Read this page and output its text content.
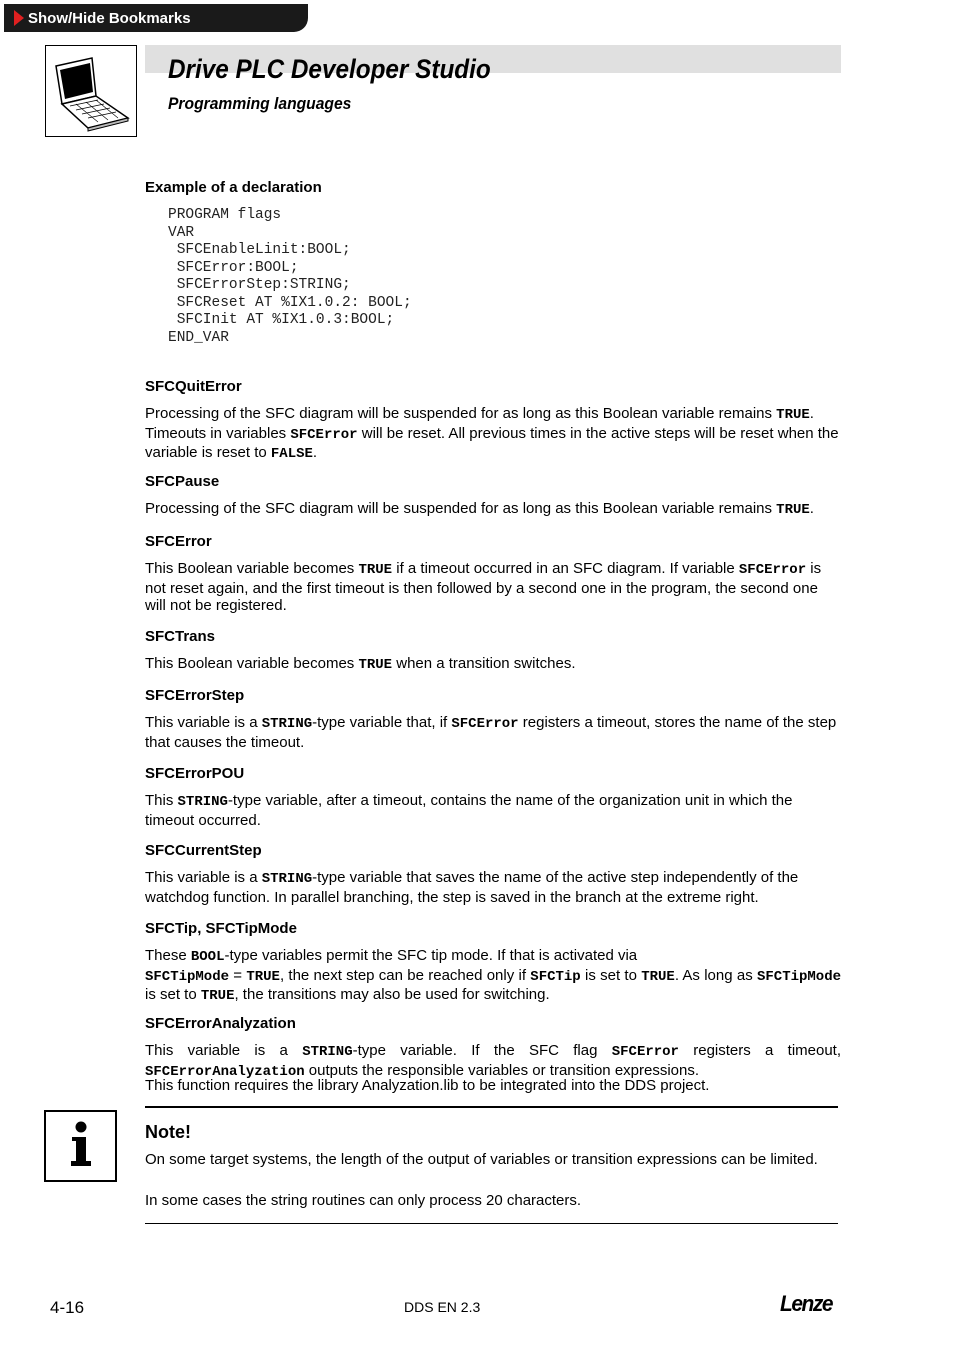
Show/Hide Bookmarks
Drive PLC Developer Studio
Programming languages
Example of a declaration
PROGRAM flags
VAR
SFCEnableLinit:BOOL;
SFCError:BOOL;
SFCErrorStep:STRING;
SFCReset AT %IX1.0.2: BOOL;
SFCInit AT %IX1.0.3:BOOL;
END_VAR
SFCQuitError
Processing of the SFC diagram will be suspended for as long as this Boolean variable remains TRUE. Timeouts in variables SFCError will be reset. All previous times in the active steps will be reset when the variable is reset to FALSE.
SFCPause
Processing of the SFC diagram will be suspended for as long as this Boolean variable remains TRUE.
SFCError
This Boolean variable becomes TRUE if a timeout occurred in an SFC diagram. If variable SFCError is not reset again, and the first timeout is then followed by a second one in the program, the second one will not be registered.
SFCTrans
This Boolean variable becomes TRUE when a transition switches.
SFCErrorStep
This variable is a STRING-type variable that, if SFCError registers a timeout, stores the name of the step that causes the timeout.
SFCErrorPOU
This STRING-type variable, after a timeout, contains the name of the organization unit in which the timeout occurred.
SFCCurrentStep
This variable is a STRING-type variable that saves the name of the active step independently of the watchdog function. In parallel branching, the step is saved in the branch at the extreme right.
SFCTip, SFCTipMode
These BOOL-type variables permit the SFC tip mode. If that is activated via
SFCTipMode = TRUE, the next step can be reached only if SFCTip is set to TRUE. As long as SFCTipMode is set to TRUE, the transitions may also be used for switching.
SFCErrorAnalyzation
This variable is a STRING-type variable. If the SFC flag SFCError registers a timeout, SFCErrorAnalyzation outputs the responsible variables or transition expressions.
This function requires the library Analyzation.lib to be integrated into the DDS project.
Note!
On some target systems, the length of the output of variables or transition expressions can be limited.
In some cases the string routines can only process 20 characters.
4-16	DDS EN 2.3	Lenze
